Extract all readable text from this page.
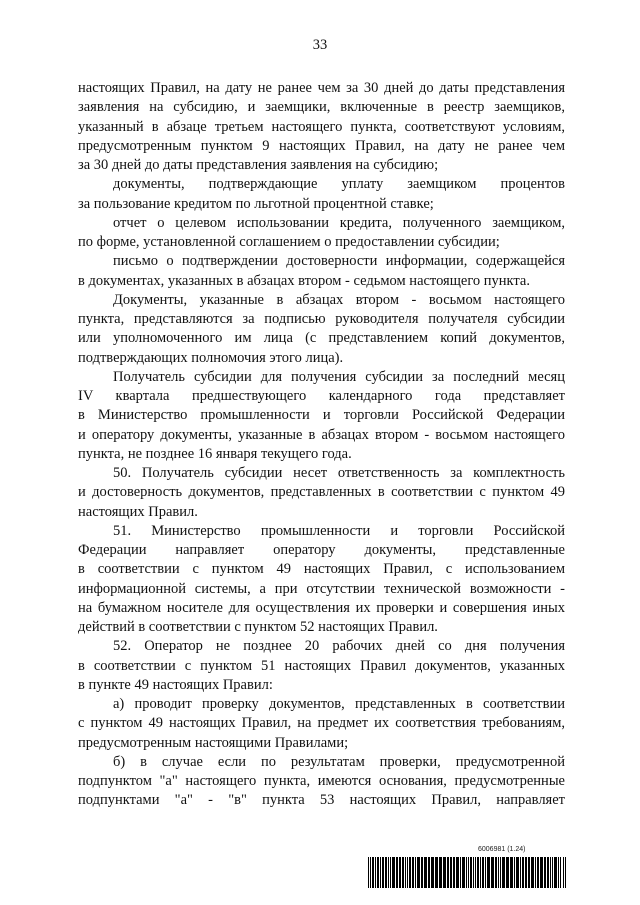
33
настоящих Правил, на дату не ранее чем за 30 дней до даты представления
заявления на субсидию, и заемщики, включенные в реестр заемщиков,
указанный в абзаце третьем настоящего пункта, соответствуют условиям,
предусмотренным пунктом 9 настоящих Правил, на дату не ранее чем
за 30 дней до даты представления заявления на субсидию;
документы, подтверждающие уплату заемщиком процентов
за пользование кредитом по льготной процентной ставке;
отчет о целевом использовании кредита, полученного заемщиком,
по форме, установленной соглашением о предоставлении субсидии;
письмо о подтверждении достоверности информации, содержащейся
в документах, указанных в абзацах втором - седьмом настоящего пункта.
Документы, указанные в абзацах втором - восьмом настоящего
пункта, представляются за подписью руководителя получателя субсидии
или уполномоченного им лица (с представлением копий документов,
подтверждающих полномочия этого лица).
Получатель субсидии для получения субсидии за последний месяц
IV квартала предшествующего календарного года представляет
в Министерство промышленности и торговли Российской Федерации
и оператору документы, указанные в абзацах втором - восьмом настоящего
пункта, не позднее 16 января текущего года.
50. Получатель субсидии несет ответственность за комплектность
и достоверность документов, представленных в соответствии с пунктом 49
настоящих Правил.
51. Министерство промышленности и торговли Российской
Федерации направляет оператору документы, представленные
в соответствии с пунктом 49 настоящих Правил, с использованием
информационной системы, а при отсутствии технической возможности -
на бумажном носителе для осуществления их проверки и совершения иных
действий в соответствии с пунктом 52 настоящих Правил.
52. Оператор не позднее 20 рабочих дней со дня получения
в соответствии с пунктом 51 настоящих Правил документов, указанных
в пункте 49 настоящих Правил:
а) проводит проверку документов, представленных в соответствии
с пунктом 49 настоящих Правил, на предмет их соответствия требованиям,
предусмотренным настоящими Правилами;
б) в случае если по результатам проверки, предусмотренной
подпунктом "а" настоящего пункта, имеются основания, предусмотренные
подпунктами "а" - "в" пункта 53 настоящих Правил, направляет
6006981 (1.24)
